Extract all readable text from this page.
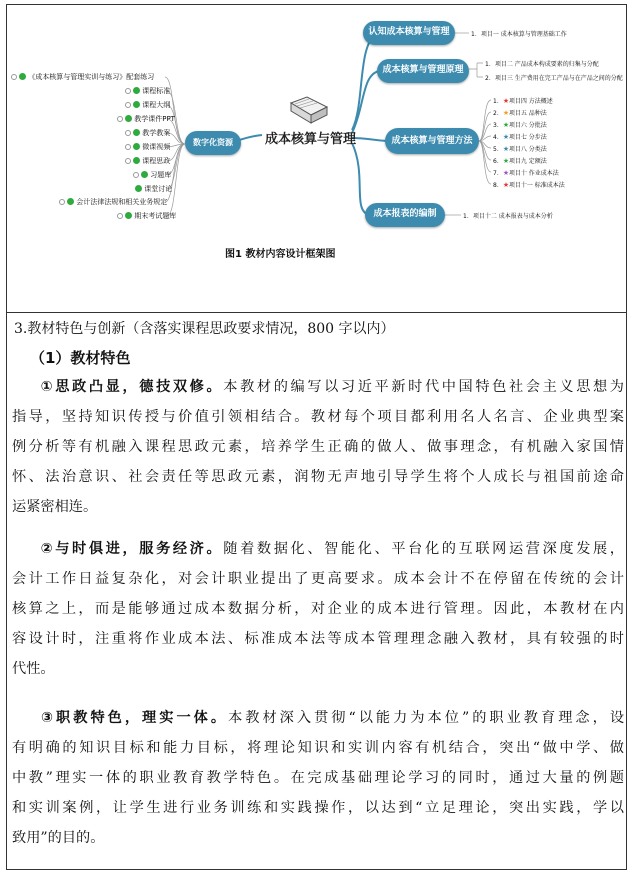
成本核算与管理
数字化资源
《成本核算与管理实训与练习》配套练习
课程标准
课程大纲
教学课件PPT
教学教案
微课视频
课程思政
习题库
课堂讨论
会计法律法规和相关业务规定
期末考试题库
认知成本核算与管理	1．项目一 成本核算与管理基础工作
成本核算与管理原理
1．项目二 产品成本构成要素的归集与分配
2．项目三 生产费用在完工产品与在产品之间的分配
成本核算与管理方法
1．★项目四 方法概述
2．★项目五 品种法
3．★项目六 分批法
4．★项目七 分步法
5．★项目八 分类法
6．★项目九 定额法
7．★项目十 作业成本法
8．★项目十一 标准成本法
成本报表的编制	1．项目十二 成本报表与成本分析
图1 教材内容设计框架图
3.教材特色与创新（含落实课程思政要求情况，800 字以内）
（1）教材特色
①思政凸显，德技双修。本教材的编写以习近平新时代中国特色社会主义思想为
指导，坚持知识传授与价值引领相结合。教材每个项目都利用名人名言、企业典型案
例分析等有机融入课程思政元素，培养学生正确的做人、做事理念，有机融入家国情
怀、法治意识、社会责任等思政元素，润物无声地引导学生将个人成长与祖国前途命
运紧密相连。
②与时俱进，服务经济。随着数据化、智能化、平台化的互联网运营深度发展，
会计工作日益复杂化，对会计职业提出了更高要求。成本会计不在停留在传统的会计
核算之上，而是能够通过成本数据分析，对企业的成本进行管理。因此，本教材在内
容设计时，注重将作业成本法、标准成本法等成本管理理念融入教材，具有较强的时
代性。
③职教特色，理实一体。本教材深入贯彻“以能力为本位”的职业教育理念，设
有明确的知识目标和能力目标，将理论知识和实训内容有机结合，突出“做中学、做
中教”理实一体的职业教育教学特色。在完成基础理论学习的同时，通过大量的例题
和实训案例，让学生进行业务训练和实践操作，以达到“立足理论，突出实践，学以
致用”的目的。
